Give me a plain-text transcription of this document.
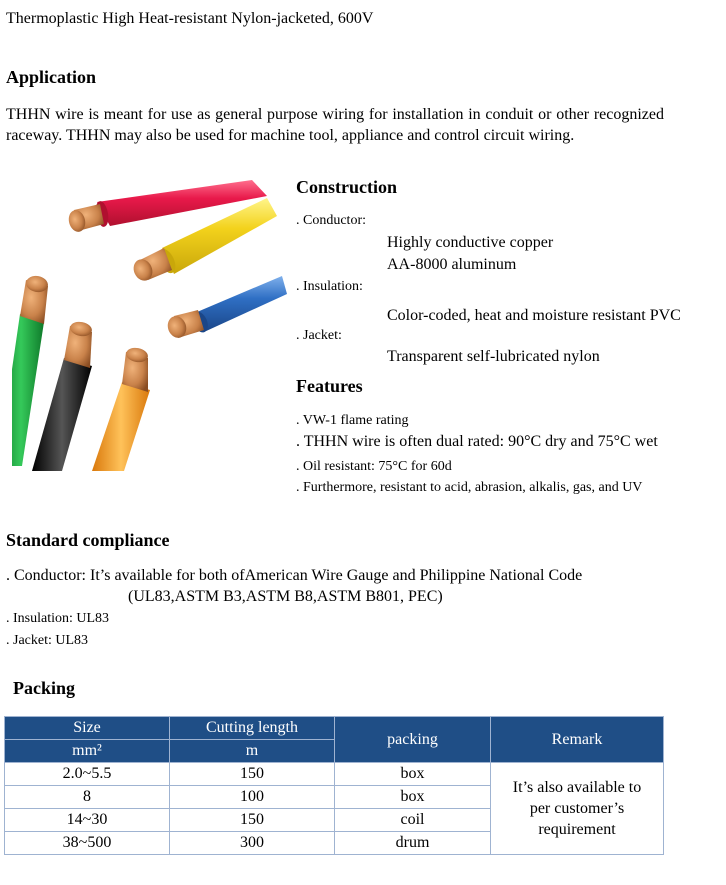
Thermoplastic High Heat-resistant Nylon-jacketed, 600V
Application
THHN wire is meant for use as general purpose wiring for installation in conduit or other recognized raceway. THHN may also be used for machine tool, appliance and control circuit wiring.
Construction
. Conductor:
Highly conductive copper
AA-8000 aluminum
. Insulation:
Color-coded, heat and moisture resistant PVC
. Jacket:
Transparent self-lubricated nylon
Features
. VW-1 flame rating
. THHN wire is often dual rated: 90°C dry and 75°C wet
. Oil resistant: 75°C for 60d
. Furthermore, resistant to acid, abrasion, alkalis, gas, and UV
Standard compliance
. Conductor: It’s available for both ofAmerican Wire Gauge and Philippine National Code
(UL83,ASTM B3,ASTM B8,ASTM B801, PEC)
. Insulation: UL83
. Jacket: UL83
Packing
Size	Cutting length	packing	Remark
mm²	m		
2.0~5.5	150	box	It’s also available to
per customer’s
requirement

8	100	box	
14~30	150	coil	
38~500	300	drum	
